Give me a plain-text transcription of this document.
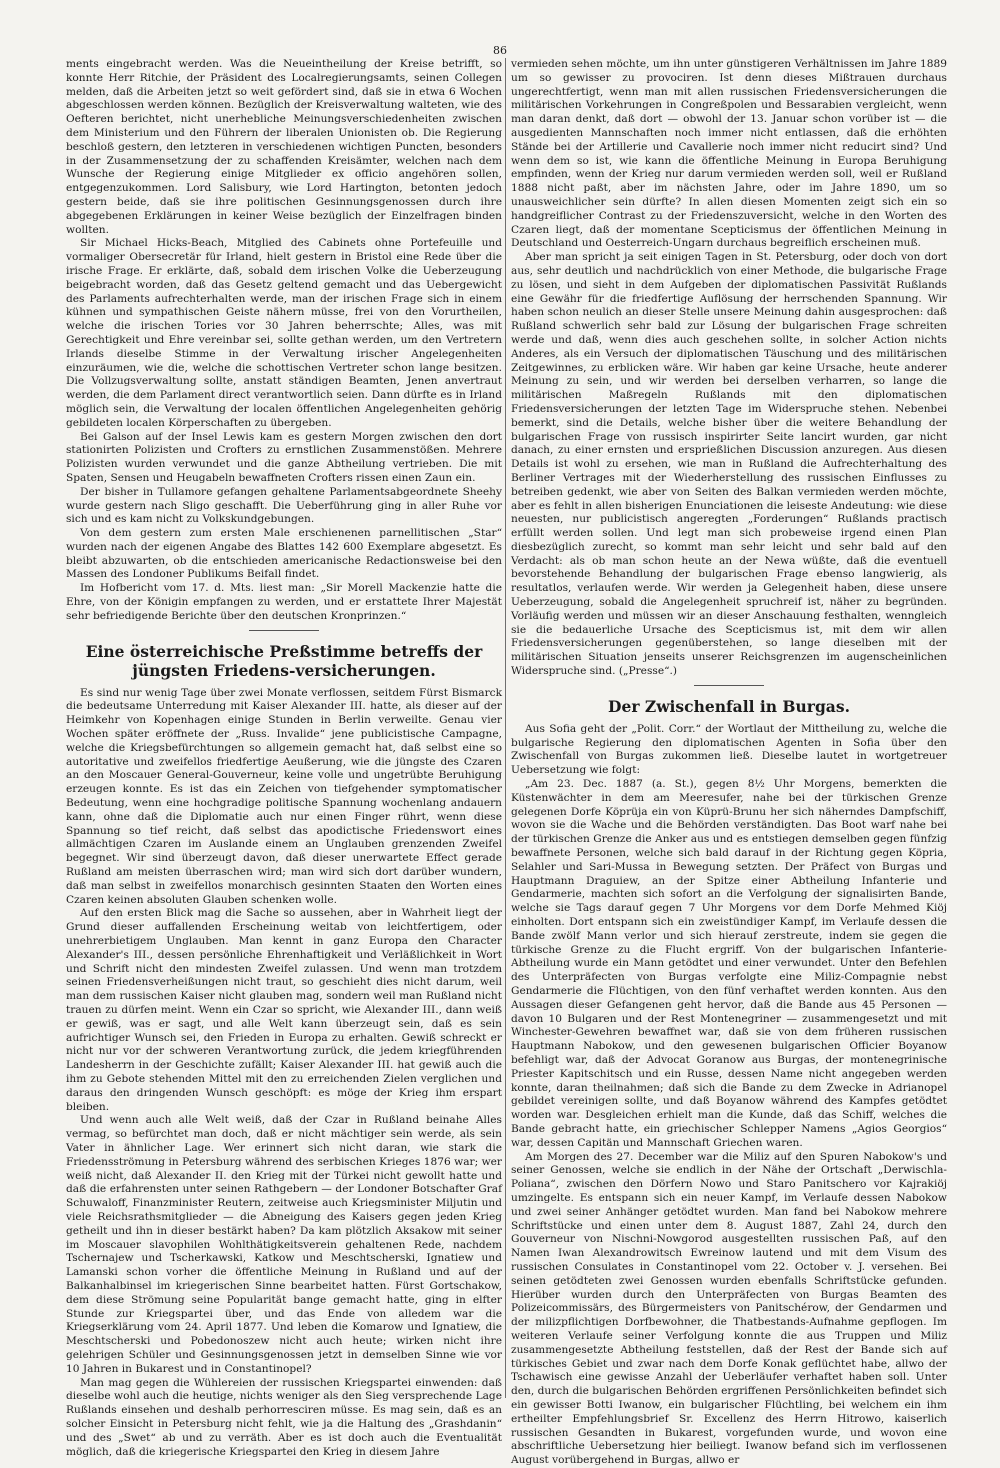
86

ments eingebracht werden. Was die Neueintheilung der Kreise betrifft, so konnte Herr Ritchie, der Präsident des Localregierungsamts, seinen Collegen melden, daß die Arbeiten jetzt so weit gefördert sind, daß sie in etwa 6 Wochen abgeschlossen werden können. Bezüglich der Kreisverwaltung walteten, wie des Oefteren berichtet, nicht unerhebliche Meinungsverschiedenheiten zwischen dem Ministerium und den Führern der liberalen Unionisten ob. Die Regierung beschloß gestern, den letzteren in verschiedenen wichtigen Puncten, besonders in der Zusammensetzung der zu schaffenden Kreisämter, welchen nach dem Wunsche der Regierung einige Mitglieder ex officio angehören sollen, entgegenzukommen. Lord Salisbury, wie Lord Hartington, betonten jedoch gestern beide, daß sie ihre politischen Gesinnungsgenossen durch ihre abgegebenen Erklärungen in keiner Weise bezüglich der Einzelfragen binden wollten.

Sir Michael Hicks-Beach, Mitglied des Cabinets ohne Portefeuille und vormaliger Obersecretär für Irland, hielt gestern in Bristol eine Rede über die irische Frage. Er erklärte, daß, sobald dem irischen Volke die Ueberzeugung beigebracht worden, daß das Gesetz geltend gemacht und das Uebergewicht des Parlaments aufrechterhalten werde, man der irischen Frage sich in einem kühnen und sympathischen Geiste nähern müsse, frei von den Vorurtheilen, welche die irischen Tories vor 30 Jahren beherrschte; Alles, was mit Gerechtigkeit und Ehre vereinbar sei, sollte gethan werden, um den Vertretern Irlands dieselbe Stimme in der Verwaltung irischer Angelegenheiten einzuräumen, wie die, welche die schottischen Vertreter schon lange besitzen. Die Vollzugsverwaltung sollte, anstatt ständigen Beamten, Jenen anvertraut werden, die dem Parlament direct verantwortlich seien. Dann dürfte es in Irland möglich sein, die Verwaltung der localen öffentlichen Angelegenheiten gehörig gebildeten localen Körperschaften zu übergeben.

Bei Galson auf der Insel Lewis kam es gestern Morgen zwischen den dort stationirten Polizisten und Crofters zu ernstlichen Zusammenstößen. Mehrere Polizisten wurden verwundet und die ganze Abtheilung vertrieben. Die mit Spaten, Sensen und Heugabeln bewaffneten Crofters rissen einen Zaun ein.

Der bisher in Tullamore gefangen gehaltene Parlamentsabgeordnete Sheehy wurde gestern nach Sligo geschafft. Die Ueberführung ging in aller Ruhe vor sich und es kam nicht zu Volkskundgebungen.

Von dem gestern zum ersten Male erschienenen parnellitischen „Star“ wurden nach der eigenen Angabe des Blattes 142 600 Exemplare abgesetzt. Es bleibt abzuwarten, ob die entschieden americanische Redactionsweise bei den Massen des Londoner Publikums Beifall findet.

Im Hofbericht vom 17. d. Mts. liest man: „Sir Morell Mackenzie hatte die Ehre, von der Königin empfangen zu werden, und er erstattete Ihrer Majestät sehr befriedigende Berichte über den deutschen Kronprinzen.“

Eine österreichische Preßstimme betreffs der jüngsten Friedens-versicherungen.

Es sind nur wenig Tage über zwei Monate verflossen, seitdem Fürst Bismarck die bedeutsame Unterredung mit Kaiser Alexander III. hatte, als dieser auf der Heimkehr von Kopenhagen einige Stunden in Berlin verweilte. Genau vier Wochen später eröffnete der „Russ. Invalide“ jene publicistische Campagne, welche die Kriegsbefürchtungen so allgemein gemacht hat, daß selbst eine so autoritative und zweifellos friedfertige Aeußerung, wie die jüngste des Czaren an den Moscauer General-Gouverneur, keine volle und ungetrübte Beruhigung erzeugen konnte. Es ist das ein Zeichen von tiefgehender symptomatischer Bedeutung, wenn eine hochgradige politische Spannung wochenlang andauern kann, ohne daß die Diplomatie auch nur einen Finger rührt, wenn diese Spannung so tief reicht, daß selbst das apodictische Friedenswort eines allmächtigen Czaren im Auslande einem an Unglauben grenzenden Zweifel begegnet. Wir sind überzeugt davon, daß dieser unerwartete Effect gerade Rußland am meisten überraschen wird; man wird sich dort darüber wundern, daß man selbst in zweifellos monarchisch gesinnten Staaten den Worten eines Czaren keinen absoluten Glauben schenken wolle.

Auf den ersten Blick mag die Sache so aussehen, aber in Wahrheit liegt der Grund dieser auffallenden Erscheinung weitab von leichtfertigem, oder unehrerbietigem Unglauben. Man kennt in ganz Europa den Character Alexander's III., dessen persönliche Ehrenhaftigkeit und Verläßlichkeit in Wort und Schrift nicht den mindesten Zweifel zulassen. Und wenn man trotzdem seinen Friedensverheißungen nicht traut, so geschieht dies nicht darum, weil man dem russischen Kaiser nicht glauben mag, sondern weil man Rußland nicht trauen zu dürfen meint. Wenn ein Czar so spricht, wie Alexander III., dann weiß er gewiß, was er sagt, und alle Welt kann überzeugt sein, daß es sein aufrichtiger Wunsch sei, den Frieden in Europa zu erhalten. Gewiß schreckt er nicht nur vor der schweren Verantwortung zurück, die jedem kriegführenden Landesherrn in der Geschichte zufällt; Kaiser Alexander III. hat gewiß auch die ihm zu Gebote stehenden Mittel mit den zu erreichenden Zielen verglichen und daraus den dringenden Wunsch geschöpft: es möge der Krieg ihm erspart bleiben.

Und wenn auch alle Welt weiß, daß der Czar in Rußland beinahe Alles vermag, so befürchtet man doch, daß er nicht mächtiger sein werde, als sein Vater in ähnlicher Lage. Wer erinnert sich nicht daran, wie stark die Friedensströmung in Petersburg während des serbischen Krieges 1876 war; wer weiß nicht, daß Alexander II. den Krieg mit der Türkei nicht gewollt hatte und daß die erfahrensten unter seinen Rathgebern — der Londoner Botschafter Graf Schuwaloff, Finanzminister Reutern, zeitweise auch Kriegsminister Miljutin und viele Reichsrathsmitglieder — die Abneigung des Kaisers gegen jeden Krieg getheilt und ihn in dieser bestärkt haben? Da kam plötzlich Aksakow mit seiner im Moscauer slavophilen Wohlthätigkeitsverein gehaltenen Rede, nachdem Tschernajew und Tscherkawski, Katkow und Meschtscherski, Ignatiew und Lamanski schon vorher die öffentliche Meinung in Rußland und auf der Balkanhalbinsel im kriegerischen Sinne bearbeitet hatten. Fürst Gortschakow, dem diese Strömung seine Popularität bange gemacht hatte, ging in elfter Stunde zur Kriegspartei über, und das Ende von alledem war die Kriegserklärung vom 24. April 1877. Und leben die Komarow und Ignatiew, die Meschtscherski und Pobedonoszew nicht auch heute; wirken nicht ihre gelehrigen Schüler und Gesinnungsgenossen jetzt in demselben Sinne wie vor 10 Jahren in Bukarest und in Constantinopel?

Man mag gegen die Wühlereien der russischen Kriegspartei einwenden: daß dieselbe wohl auch die heutige, nichts weniger als den Sieg versprechende Lage Rußlands einsehen und deshalb perhorresciren müsse. Es mag sein, daß es an solcher Einsicht in Petersburg nicht fehlt, wie ja die Haltung des „Grashdanin“ und des „Swet“ ab und zu verräth. Aber es ist doch auch die Eventualität möglich, daß die kriegerische Kriegspartei den Krieg in diesem Jahre

vermieden sehen möchte, um ihn unter günstigeren Verhältnissen im Jahre 1889 um so gewisser zu provociren. Ist denn dieses Mißtrauen durchaus ungerechtfertigt, wenn man mit allen russischen Friedensversicherungen die militärischen Vorkehrungen in Congreßpolen und Bessarabien vergleicht, wenn man daran denkt, daß dort — obwohl der 13. Januar schon vorüber ist — die ausgedienten Mannschaften noch immer nicht entlassen, daß die erhöhten Stände bei der Artillerie und Cavallerie noch immer nicht reducirt sind? Und wenn dem so ist, wie kann die öffentliche Meinung in Europa Beruhigung empfinden, wenn der Krieg nur darum vermieden werden soll, weil er Rußland 1888 nicht paßt, aber im nächsten Jahre, oder im Jahre 1890, um so unausweichlicher sein dürfte? In allen diesen Momenten zeigt sich ein so handgreiflicher Contrast zu der Friedenszuversicht, welche in den Worten des Czaren liegt, daß der momentane Scepticismus der öffentlichen Meinung in Deutschland und Oesterreich-Ungarn durchaus begreiflich erscheinen muß.

Aber man spricht ja seit einigen Tagen in St. Petersburg, oder doch von dort aus, sehr deutlich und nachdrücklich von einer Methode, die bulgarische Frage zu lösen, und sieht in dem Aufgeben der diplomatischen Passivität Rußlands eine Gewähr für die friedfertige Auflösung der herrschenden Spannung. Wir haben schon neulich an dieser Stelle unsere Meinung dahin ausgesprochen: daß Rußland schwerlich sehr bald zur Lösung der bulgarischen Frage schreiten werde und daß, wenn dies auch geschehen sollte, in solcher Action nichts Anderes, als ein Versuch der diplomatischen Täuschung und des militärischen Zeitgewinnes, zu erblicken wäre. Wir haben gar keine Ursache, heute anderer Meinung zu sein, und wir werden bei derselben verharren, so lange die militärischen Maßregeln Rußlands mit den diplomatischen Friedensversicherungen der letzten Tage im Widerspruche stehen. Nebenbei bemerkt, sind die Details, welche bisher über die weitere Behandlung der bulgarischen Frage von russisch inspirirter Seite lancirt wurden, gar nicht danach, zu einer ernsten und ersprießlichen Discussion anzuregen. Aus diesen Details ist wohl zu ersehen, wie man in Rußland die Aufrechterhaltung des Berliner Vertrages mit der Wiederherstellung des russischen Einflusses zu betreiben gedenkt, wie aber von Seiten des Balkan vermieden werden möchte, aber es fehlt in allen bisherigen Enunciationen die leiseste Andeutung: wie diese neuesten, nur publicistisch angeregten „Forderungen“ Rußlands practisch erfüllt werden sollen. Und legt man sich probeweise irgend einen Plan diesbezüglich zurecht, so kommt man sehr leicht und sehr bald auf den Verdacht: als ob man schon heute an der Newa wüßte, daß die eventuell bevorstehende Behandlung der bulgarischen Frage ebenso langwierig, als resultatlos, verlaufen werde. Wir werden ja Gelegenheit haben, diese unsere Ueberzeugung, sobald die Angelegenheit spruchreif ist, näher zu begründen. Vorläufig werden und müssen wir an dieser Anschauung festhalten, wenngleich sie die bedauerliche Ursache des Scepticismus ist, mit dem wir allen Friedensversicherungen gegenüberstehen, so lange dieselben mit der militärischen Situation jenseits unserer Reichsgrenzen im augenscheinlichen Widerspruche sind. („Presse“.)

Der Zwischenfall in Burgas.

Aus Sofia geht der „Polit. Corr.“ der Wortlaut der Mittheilung zu, welche die bulgarische Regierung den diplomatischen Agenten in Sofia über den Zwischenfall von Burgas zukommen ließ. Dieselbe lautet in wortgetreuer Uebersetzung wie folgt:

„Am 23. Dec. 1887 (a. St.), gegen 8½ Uhr Morgens, bemerkten die Küstenwächter in dem am Meeresufer, nahe bei der türkischen Grenze gelegenen Dorfe Köprüja ein von Küprü-Brunu her sich näherndes Dampfschiff, wovon sie die Wache und die Behörden verständigten. Das Boot warf nahe bei der türkischen Grenze die Anker aus und es entstiegen demselben gegen fünfzig bewaffnete Personen, welche sich bald darauf in der Richtung gegen Köpria, Selahler und Sari-Mussa in Bewegung setzten. Der Präfect von Burgas und Hauptmann Draguiew, an der Spitze einer Abtheilung Infanterie und Gendarmerie, machten sich sofort an die Verfolgung der signalisirten Bande, welche sie Tags darauf gegen 7 Uhr Morgens vor dem Dorfe Mehmed Kiöj einholten. Dort entspann sich ein zweistündiger Kampf, im Verlaufe dessen die Bande zwölf Mann verlor und sich hierauf zerstreute, indem sie gegen die türkische Grenze zu die Flucht ergriff. Von der bulgarischen Infanterie-Abtheilung wurde ein Mann getödtet und einer verwundet. Unter den Befehlen des Unterpräfecten von Burgas verfolgte eine Miliz-Compagnie nebst Gendarmerie die Flüchtigen, von den fünf verhaftet werden konnten. Aus den Aussagen dieser Gefangenen geht hervor, daß die Bande aus 45 Personen — davon 10 Bulgaren und der Rest Montenegriner — zusammengesetzt und mit Winchester-Gewehren bewaffnet war, daß sie von dem früheren russischen Hauptmann Nabokow, und den gewesenen bulgarischen Officier Boyanow befehligt war, daß der Advocat Goranow aus Burgas, der montenegrinische Priester Kapitschitsch und ein Russe, dessen Name nicht angegeben werden konnte, daran theilnahmen; daß sich die Bande zu dem Zwecke in Adrianopel gebildet vereinigen sollte, und daß Boyanow während des Kampfes getödtet worden war. Desgleichen erhielt man die Kunde, daß das Schiff, welches die Bande gebracht hatte, ein griechischer Schlepper Namens „Agios Georgios“ war, dessen Capitän und Mannschaft Griechen waren.

Am Morgen des 27. December war die Miliz auf den Spuren Nabokow's und seiner Genossen, welche sie endlich in der Nähe der Ortschaft „Derwischla-Poliana“, zwischen den Dörfern Nowo und Staro Panitschero vor Kajrakiöj umzingelte. Es entspann sich ein neuer Kampf, im Verlaufe dessen Nabokow und zwei seiner Anhänger getödtet wurden. Man fand bei Nabokow mehrere Schriftstücke und einen unter dem 8. August 1887, Zahl 24, durch den Gouverneur von Nischni-Nowgorod ausgestellten russischen Paß, auf den Namen Iwan Alexandrowitsch Ewreinow lautend und mit dem Visum des russischen Consulates in Constantinopel vom 22. October v. J. versehen. Bei seinen getödteten zwei Genossen wurden ebenfalls Schriftstücke gefunden. Hierüber wurden durch den Unterpräfecten von Burgas Beamten des Polizeicommissärs, des Bürgermeisters von Panitschérow, der Gendarmen und der milizpflichtigen Dorfbewohner, die Thatbestands-Aufnahme gepflogen. Im weiteren Verlaufe seiner Verfolgung konnte die aus Truppen und Miliz zusammengesetzte Abtheilung feststellen, daß der Rest der Bande sich auf türkisches Gebiet und zwar nach dem Dorfe Konak geflüchtet habe, allwo der Tschawisch eine gewisse Anzahl der Ueberläufer verhaftet haben soll. Unter den, durch die bulgarischen Behörden ergriffenen Persönlichkeiten befindet sich ein gewisser Botti Iwanow, ein bulgarischer Flüchtling, bei welchem ein ihm ertheilter Empfehlungsbrief Sr. Excellenz des Herrn Hitrowo, kaiserlich russischen Gesandten in Bukarest, vorgefunden wurde, und wovon eine abschriftliche Uebersetzung hier beiliegt. Iwanow befand sich im verflossenen August vorübergehend in Burgas, allwo er
